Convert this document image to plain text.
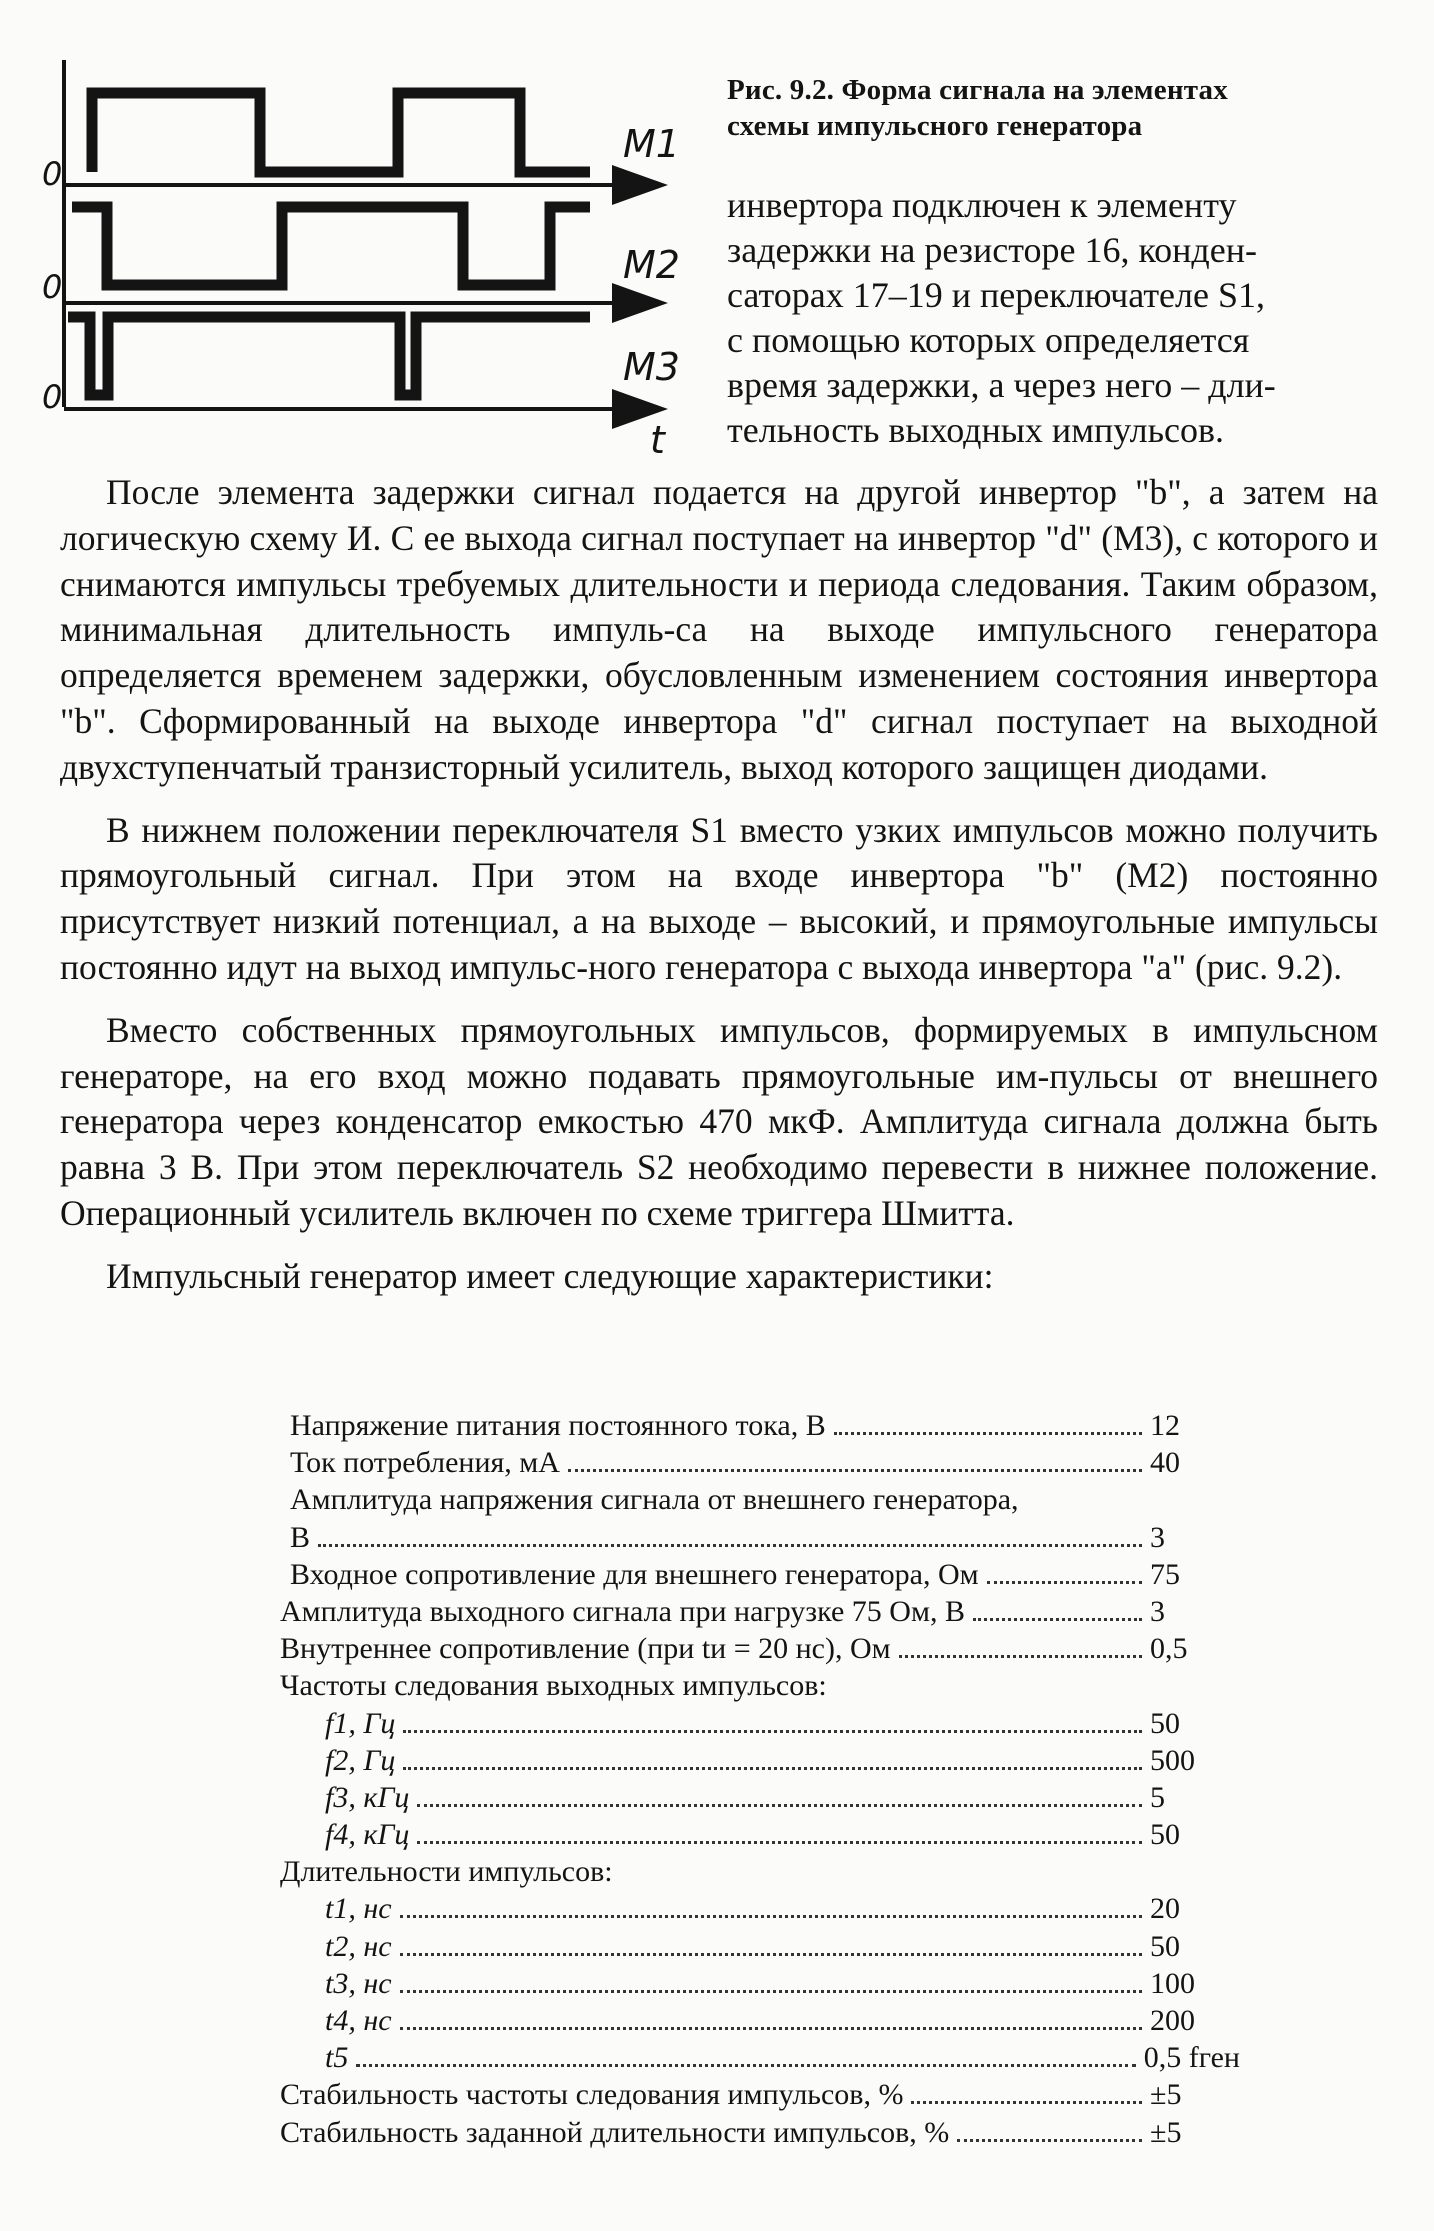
M1
0
M2
0
M3
0
t
Рис. 9.2. Форма сигнала на элементах
схемы импульсного генератора

инвертора подключен к элементу

задержки на резисторе 16, конден-

саторах 17–19 и переключателе S1,

с помощью которых определяется

время задержки, а через него – дли-

тельность выходных импульсов.

После элемента задержки сигнал подается на другой инвертор "b", а затем на логическую схему И. С ее выхода сигнал поступает на инвертор "d" (M3), с которого и снимаются импульсы требуемых длительности и периода следования. Таким образом, минимальная длительность импуль-са на выходе импульсного генератора определяется временем задержки, обусловленным изменением состояния инвертора "b". Сформированный на выходе инвертора "d" сигнал поступает на выходной двухступенчатый транзисторный усилитель, выход которого защищен диодами.

В нижнем положении переключателя S1 вместо узких импульсов можно получить прямоугольный сигнал. При этом на входе инвертора "b" (M2) постоянно присутствует низкий потенциал, а на выходе – высокий, и прямоугольные импульсы постоянно идут на выход импульс-ного генератора с выхода инвертора "a" (рис. 9.2).

Вместо собственных прямоугольных импульсов, формируемых в импульсном генераторе, на его вход можно подавать прямоугольные им-пульсы от внешнего генератора через конденсатор емкостью 470 мкФ. Амплитуда сигнала должна быть равна 3 В. При этом переключатель S2 необходимо перевести в нижнее положение. Операционный усилитель включен по схеме триггера Шмитта.

Импульсный генератор имеет следующие характеристики:

Напряжение питания постоянного тока, В	12
Ток потребления, мА	40
Амплитуда напряжения сигнала от внешнего генератора,
В	3
Входное сопротивление для внешнего генератора, Ом	75
Амплитуда выходного сигнала при нагрузке 75 Ом, В	3
Внутреннее сопротивление (при tи = 20 нс), Ом	0,5
Частоты следования выходных импульсов:
f1, Гц	50
f2, Гц	500
f3, кГц	5
f4, кГц	50
Длительности импульсов:
t1, нс	20
t2, нс	50
t3, нс	100
t4, нс	200
t5	0,5 fген
Стабильность частоты следования импульсов, %	±5
Стабильность заданной длительности импульсов, %	±5
